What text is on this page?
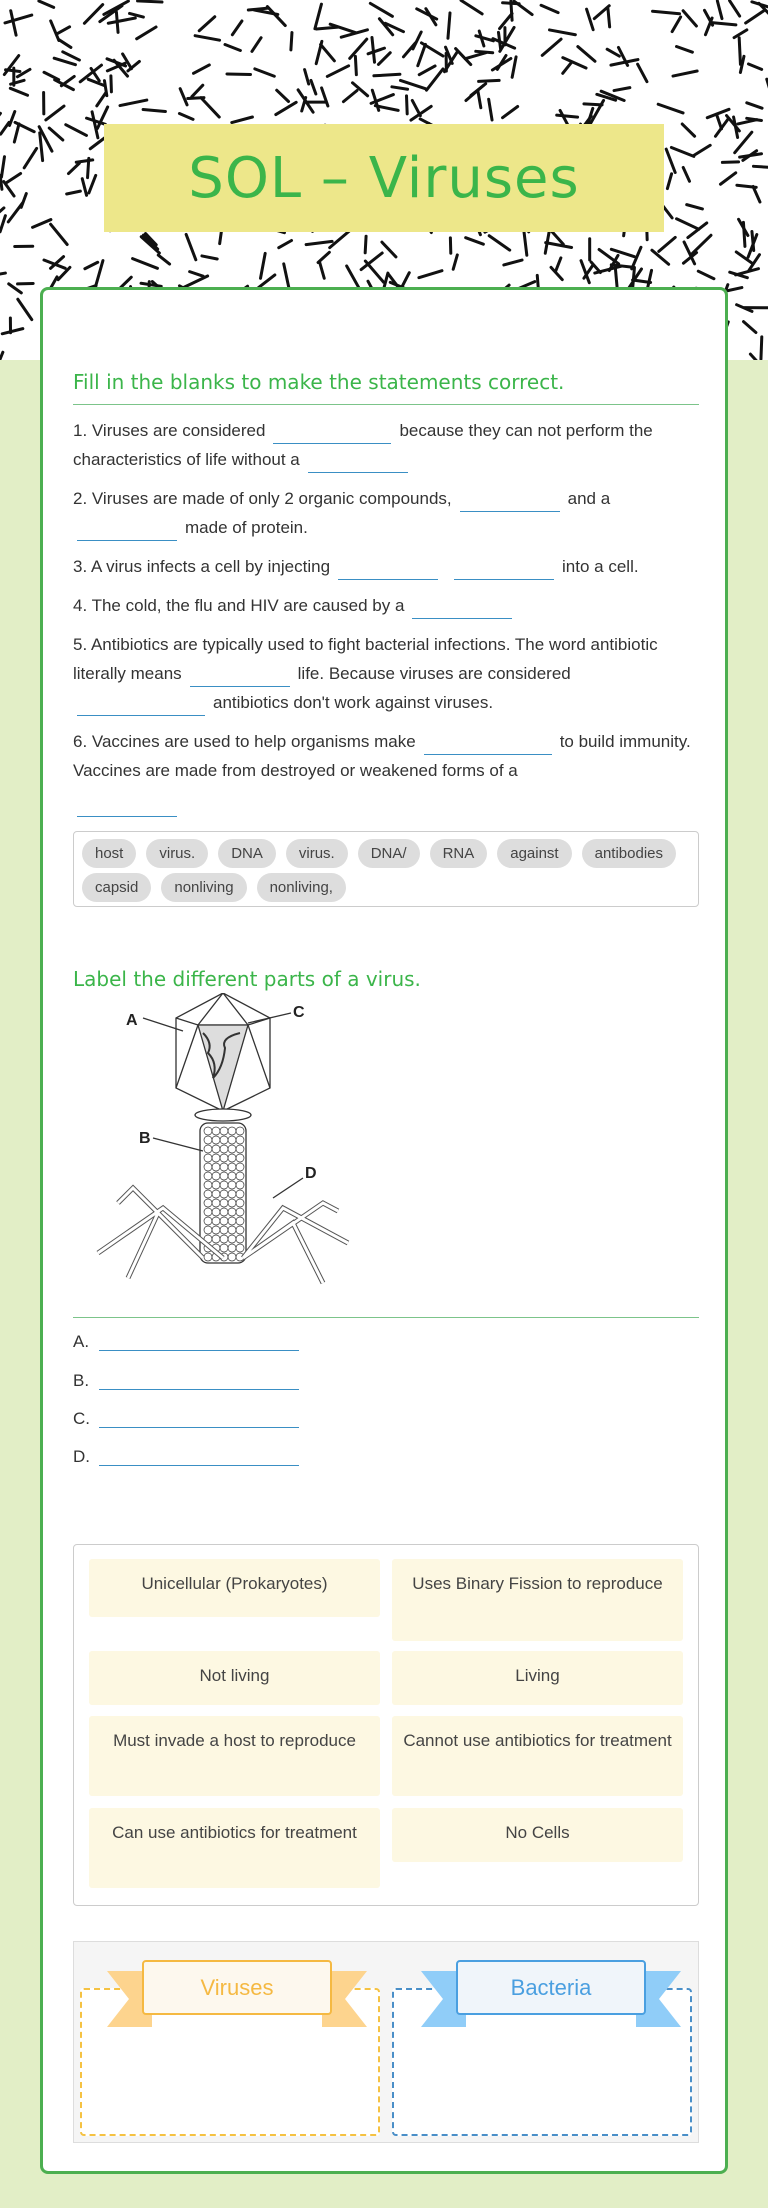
SOL – Viruses
Fill in the blanks to make the statements correct.

1. Viruses are considered	because they can not perform the characteristics of life without a

2. Viruses are made of only 2 organic compounds,	and a
made of protein.

3. A virus infects a cell by injecting	into a cell.

4. The cold, the flu and HIV are caused by a

5. Antibiotics are typically used to fight bacterial infections. The word antibiotic literally means	life. Because viruses are considered
antibiotics don't work against viruses.

6. Vaccines are used to help organisms make	to build immunity. Vaccines are made from destroyed or weakened forms of a

host	virus.	DNA	virus.	DNA/	RNA	against	antibodies
capsid	nonliving	nonliving,
Label the different parts of a virus.
A
B
C
D
A.
B.
C.
D.
Unicellular (Prokaryotes)	Uses Binary Fission to reproduce
Not living	Living
Must invade a host to reproduce	Cannot use antibiotics for treatment
Can use antibiotics for treatment	No Cells
Viruses	Bacteria
